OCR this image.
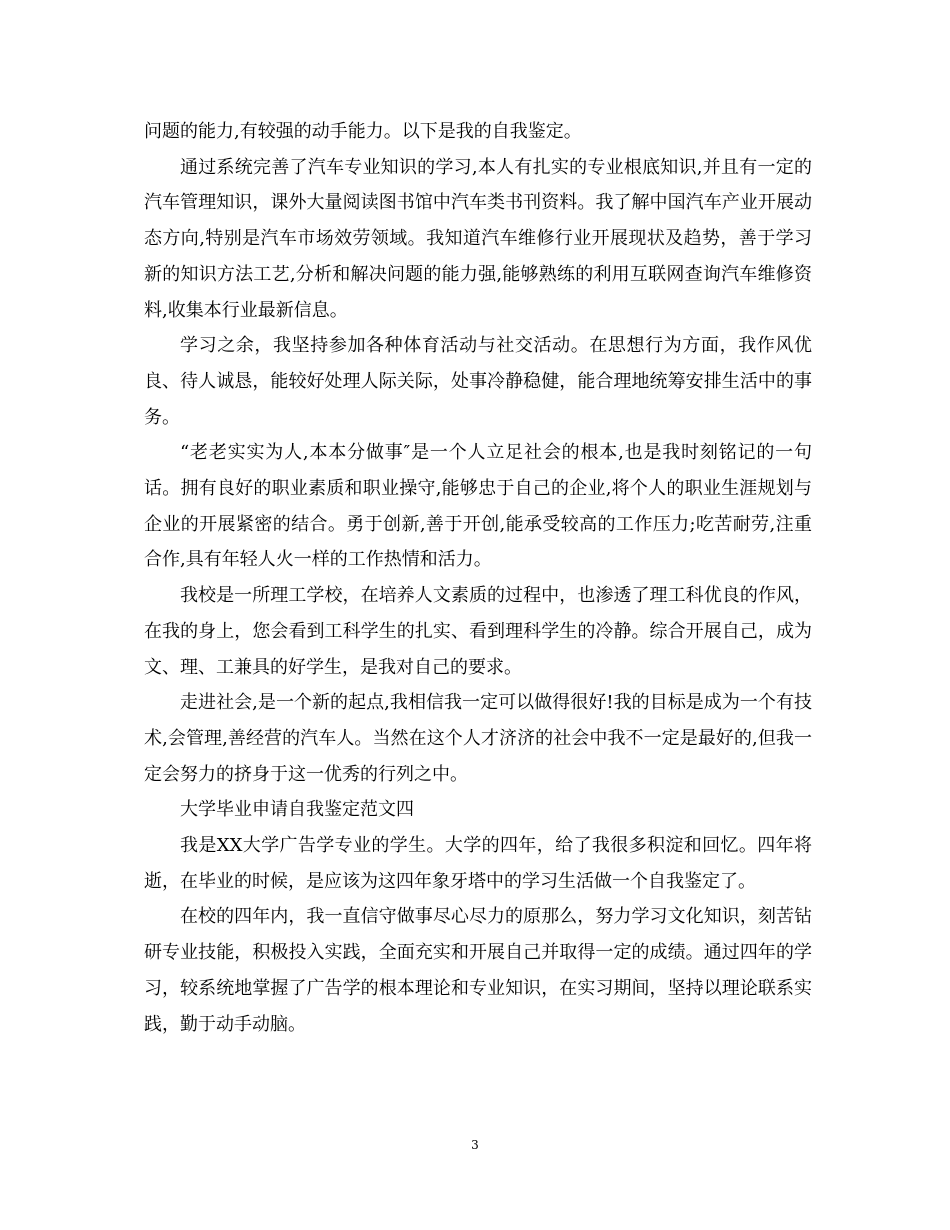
问题的能力,有较强的动手能力。以下是我的自我鉴定。

通过系统完善了汽车专业知识的学习,本人有扎实的专业根底知识,并且有一定的汽车管理知识，课外大量阅读图书馆中汽车类书刊资料。我了解中国汽车产业开展动态方向,特别是汽车市场效劳领域。我知道汽车维修行业开展现状及趋势，善于学习新的知识方法工艺,分析和解决问题的能力强,能够熟练的利用互联网查询汽车维修资料,收集本行业最新信息。

学习之余，我坚持参加各种体育活动与社交活动。在思想行为方面，我作风优良、待人诚恳，能较好处理人际关际，处事冷静稳健，能合理地统筹安排生活中的事务。

“老老实实为人,本本分做事″是一个人立足社会的根本,也是我时刻铭记的一句话。拥有良好的职业素质和职业操守,能够忠于自己的企业,将个人的职业生涯规划与企业的开展紧密的结合。勇于创新,善于开创,能承受较高的工作压力;吃苦耐劳,注重合作,具有年轻人火一样的工作热情和活力。

我校是一所理工学校，在培养人文素质的过程中，也渗透了理工科优良的作风，在我的身上，您会看到工科学生的扎实、看到理科学生的冷静。综合开展自己，成为文、理、工兼具的好学生，是我对自己的要求。

走进社会,是一个新的起点,我相信我一定可以做得很好!我的目标是成为一个有技术,会管理,善经营的汽车人。当然在这个人才济济的社会中我不一定是最好的,但我一定会努力的挤身于这一优秀的行列之中。

大学毕业申请自我鉴定范文四

我是XX大学广告学专业的学生。大学的四年，给了我很多积淀和回忆。四年将逝，在毕业的时候，是应该为这四年象牙塔中的学习生活做一个自我鉴定了。

在校的四年内，我一直信守做事尽心尽力的原那么，努力学习文化知识，刻苦钻研专业技能，积极投入实践，全面充实和开展自己并取得一定的成绩。通过四年的学习，较系统地掌握了广告学的根本理论和专业知识，在实习期间，坚持以理论联系实践，勤于动手动脑。

3
